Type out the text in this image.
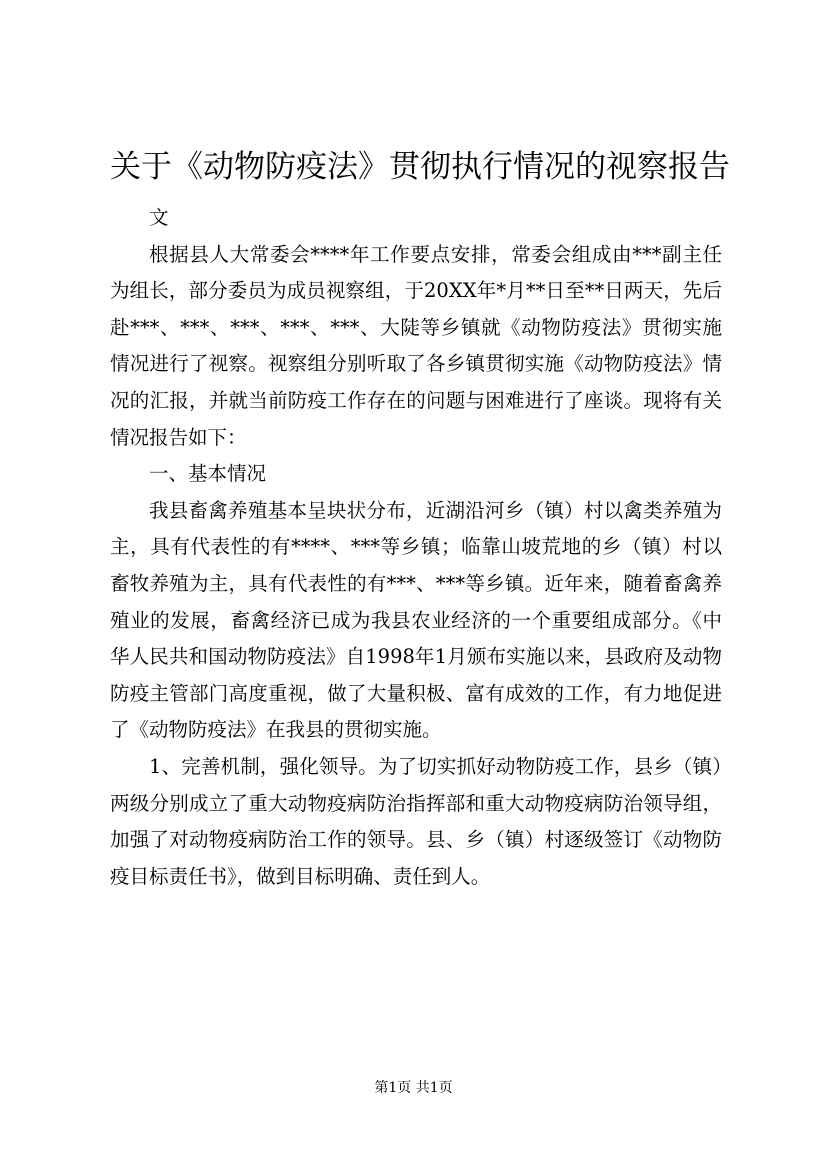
关于《动物防疫法》贯彻执行情况的视察报告

文

根据县人大常委会****年工作要点安排，常委会组成由***副主任为组长，部分委员为成员视察组，于20XX年*月**日至**日两天，先后赴***、***、***、***、***、大陡等乡镇就《动物防疫法》贯彻实施情况进行了视察。视察组分别听取了各乡镇贯彻实施《动物防疫法》情况的汇报，并就当前防疫工作存在的问题与困难进行了座谈。现将有关情况报告如下：

一、基本情况

我县畜禽养殖基本呈块状分布，近湖沿河乡（镇）村以禽类养殖为主，具有代表性的有****、***等乡镇；临靠山坡荒地的乡（镇）村以畜牧养殖为主，具有代表性的有***、***等乡镇。近年来，随着畜禽养殖业的发展，畜禽经济已成为我县农业经济的一个重要组成部分。《中华人民共和国动物防疫法》自1998年1月颁布实施以来，县政府及动物防疫主管部门高度重视，做了大量积极、富有成效的工作，有力地促进了《动物防疫法》在我县的贯彻实施。

1、完善机制，强化领导。为了切实抓好动物防疫工作，县乡（镇）两级分别成立了重大动物疫病防治指挥部和重大动物疫病防治领导组，加强了对动物疫病防治工作的领导。县、乡（镇）村逐级签订《动物防疫目标责任书》，做到目标明确、责任到人。

第1页 共1页
